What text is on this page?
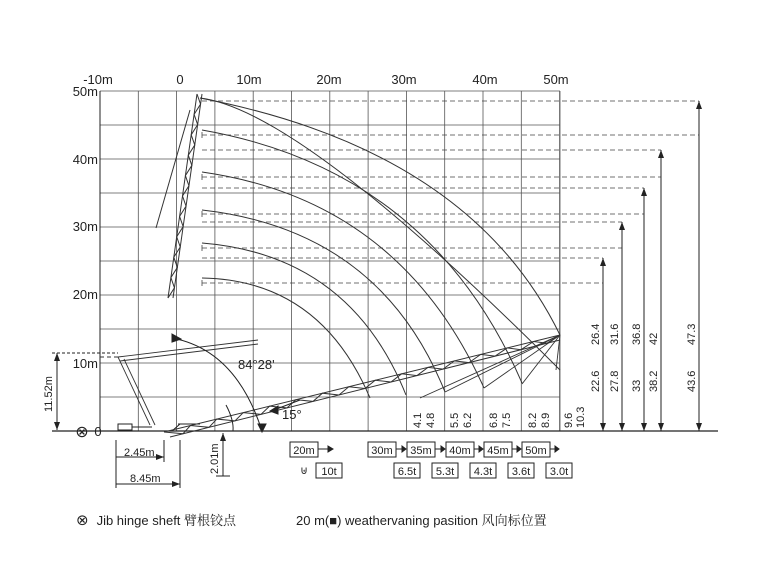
-10m	0	10m	20m	30m	40m	50m
50m
40m
30m
20m
10m
⊗ 0
84°28'
15°
11.52m
2.45m
8.45m
2.01m
22.6
26.4
27.8
31.6
33
36.8
38.2
42
43.6
47.3
4.1 4.8 5.5 6.2 6.8 7.5 8.2 8.9 9.6 10.3
20m	30m 35m 40m 45m 50m
⊎ 10t	6.5t 5.3t 4.3t 3.6t 3.0t
⊗ Jib hinge sheft 臂根铰点	20 m(■) weathervaning pasition 风向标位置
